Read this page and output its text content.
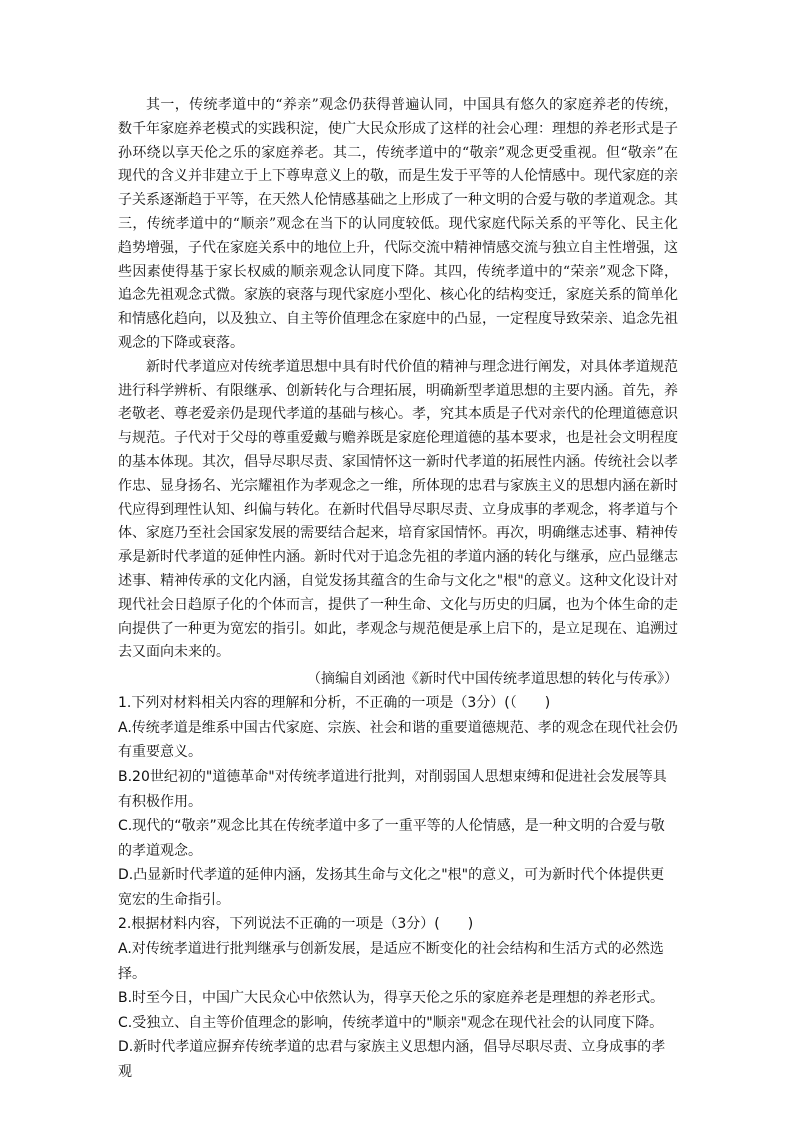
其一，传统孝道中的“养亲”观念仍获得普遍认同，中国具有悠久的家庭养老的传统，数千年家庭养老模式的实践积淀，使广大民众形成了这样的社会心理：理想的养老形式是子孙环绕以享天伦之乐的家庭养老。其二，传统孝道中的“敬亲”观念更受重视。但“敬亲”在现代的含义并非建立于上下尊卑意义上的敬，而是生发于平等的人伦情感中。现代家庭的亲子关系逐渐趋于平等，在天然人伦情感基础之上形成了一种文明的合爱与敬的孝道观念。其三，传统孝道中的“顺亲”观念在当下的认同度较低。现代家庭代际关系的平等化、民主化趋势增强，子代在家庭关系中的地位上升，代际交流中精神情感交流与独立自主性增强，这些因素使得基于家长权威的顺亲观念认同度下降。其四，传统孝道中的“荣亲”观念下降，追念先祖观念式微。家族的衰落与现代家庭小型化、核心化的结构变迁，家庭关系的简单化和情感化趋向，以及独立、自主等价值理念在家庭中的凸显，一定程度导致荣亲、追念先祖观念的下降或衰落。

新时代孝道应对传统孝道思想中具有时代价值的精神与理念进行阐发，对具体孝道规范进行科学辨析、有限继承、创新转化与合理拓展，明确新型孝道思想的主要内涵。首先，养老敬老、尊老爱亲仍是现代孝道的基础与核心。孝，究其本质是子代对亲代的伦理道德意识与规范。子代对于父母的尊重爱戴与赡养既是家庭伦理道德的基本要求，也是社会文明程度的基本体现。其次，倡导尽职尽责、家国情怀这一新时代孝道的拓展性内涵。传统社会以孝作忠、显身扬名、光宗耀祖作为孝观念之一维，所体现的忠君与家族主义的思想内涵在新时代应得到理性认知、纠偏与转化。在新时代倡导尽职尽责、立身成事的孝观念，将孝道与个体、家庭乃至社会国家发展的需要结合起来，培育家国情怀。再次，明确继志述事、精神传承是新时代孝道的延伸性内涵。新时代对于追念先祖的孝道内涵的转化与继承，应凸显继志述事、精神传承的文化内涵，自觉发扬其蕴含的生命与文化之"根"的意义。这种文化设计对现代社会日趋原子化的个体而言，提供了一种生命、文化与历史的归属，也为个体生命的走向提供了一种更为宽宏的指引。如此，孝观念与规范便是承上启下的，是立足现在、追溯过去又面向未来的。

（摘编自刘函池《新时代中国传统孝道思想的转化与传承》）

1.下列对材料相关内容的理解和分析，不正确的一项是（3分）(（　　)

A.传统孝道是维系中国古代家庭、宗族、社会和谐的重要道德规范、孝的观念在现代社会仍有重要意义。

B.20世纪初的"道德革命"对传统孝道进行批判，对削弱国人思想束缚和促进社会发展等具有积极作用。

C.现代的“敬亲”观念比其在传统孝道中多了一重平等的人伦情感，是一种文明的合爱与敬的孝道观念。

D.凸显新时代孝道的延伸内涵，发扬其生命与文化之"根"的意义，可为新时代个体提供更宽宏的生命指引。

2.根据材料内容，下列说法不正确的一项是（3分）(　　)

A.对传统孝道进行批判继承与创新发展，是适应不断变化的社会结构和生活方式的必然选择。

B.时至今日，中国广大民众心中依然认为，得享天伦之乐的家庭养老是理想的养老形式。

C.受独立、自主等价值理念的影响，传统孝道中的"顺亲"观念在现代社会的认同度下降。

D.新时代孝道应摒弃传统孝道的忠君与家族主义思想内涵，倡导尽职尽责、立身成事的孝观
